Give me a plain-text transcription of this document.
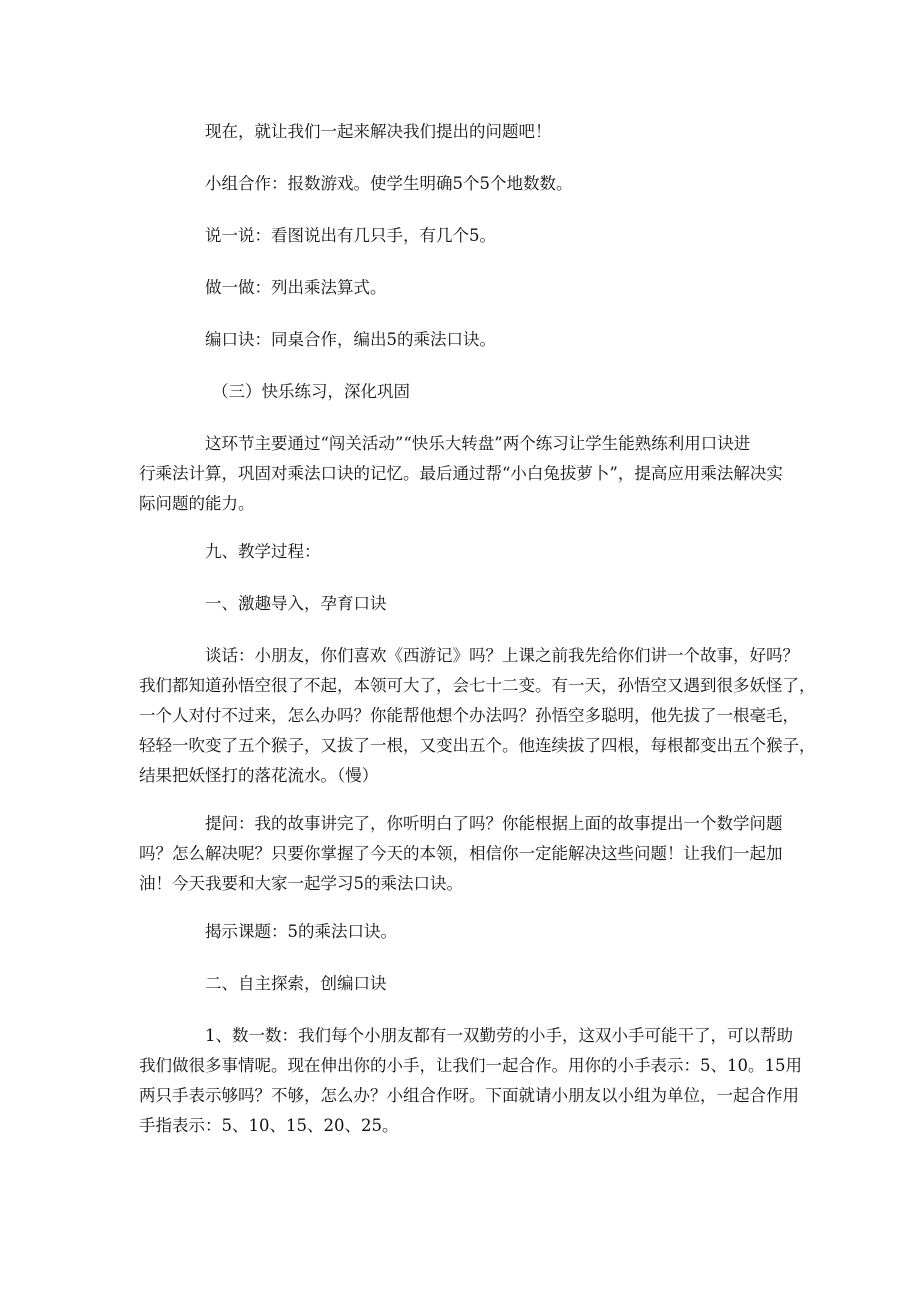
现在，就让我们一起来解决我们提出的问题吧！

小组合作：报数游戏。使学生明确5个5个地数数。

说一说：看图说出有几只手，有几个5。

做一做：列出乘法算式。

编口诀：同桌合作，编出5的乘法口诀。

（三）快乐练习，深化巩固

这环节主要通过“闯关活动”“快乐大转盘”两个练习让学生能熟练利用口诀进
行乘法计算，巩固对乘法口诀的记忆。最后通过帮“小白兔拔萝卜”，提高应用乘法解决实
际问题的能力。

九、教学过程：

一、激趣导入，孕育口诀

谈话：小朋友，你们喜欢《西游记》吗？上课之前我先给你们讲一个故事，好吗？
我们都知道孙悟空很了不起，本领可大了，会七十二变。有一天，孙悟空又遇到很多妖怪了，
一个人对付不过来，怎么办吗？你能帮他想个办法吗？孙悟空多聪明，他先拔了一根毫毛，
轻轻一吹变了五个猴子，又拔了一根，又变出五个。他连续拔了四根，每根都变出五个猴子，
结果把妖怪打的落花流水。（慢）
提问：我的故事讲完了，你听明白了吗？你能根据上面的故事提出一个数学问题
吗？怎么解决呢？只要你掌握了今天的本领，相信你一定能解决这些问题！让我们一起加
油！今天我要和大家一起学习5的乘法口诀。

揭示课题：5的乘法口诀。

二、自主探索，创编口诀

1、数一数：我们每个小朋友都有一双勤劳的小手，这双小手可能干了，可以帮助
我们做很多事情呢。现在伸出你的小手，让我们一起合作。用你的小手表示：5、10。15用
两只手表示够吗？不够，怎么办？小组合作呀。下面就请小朋友以小组为单位，一起合作用
手指表示：5、10、15、20、25。
